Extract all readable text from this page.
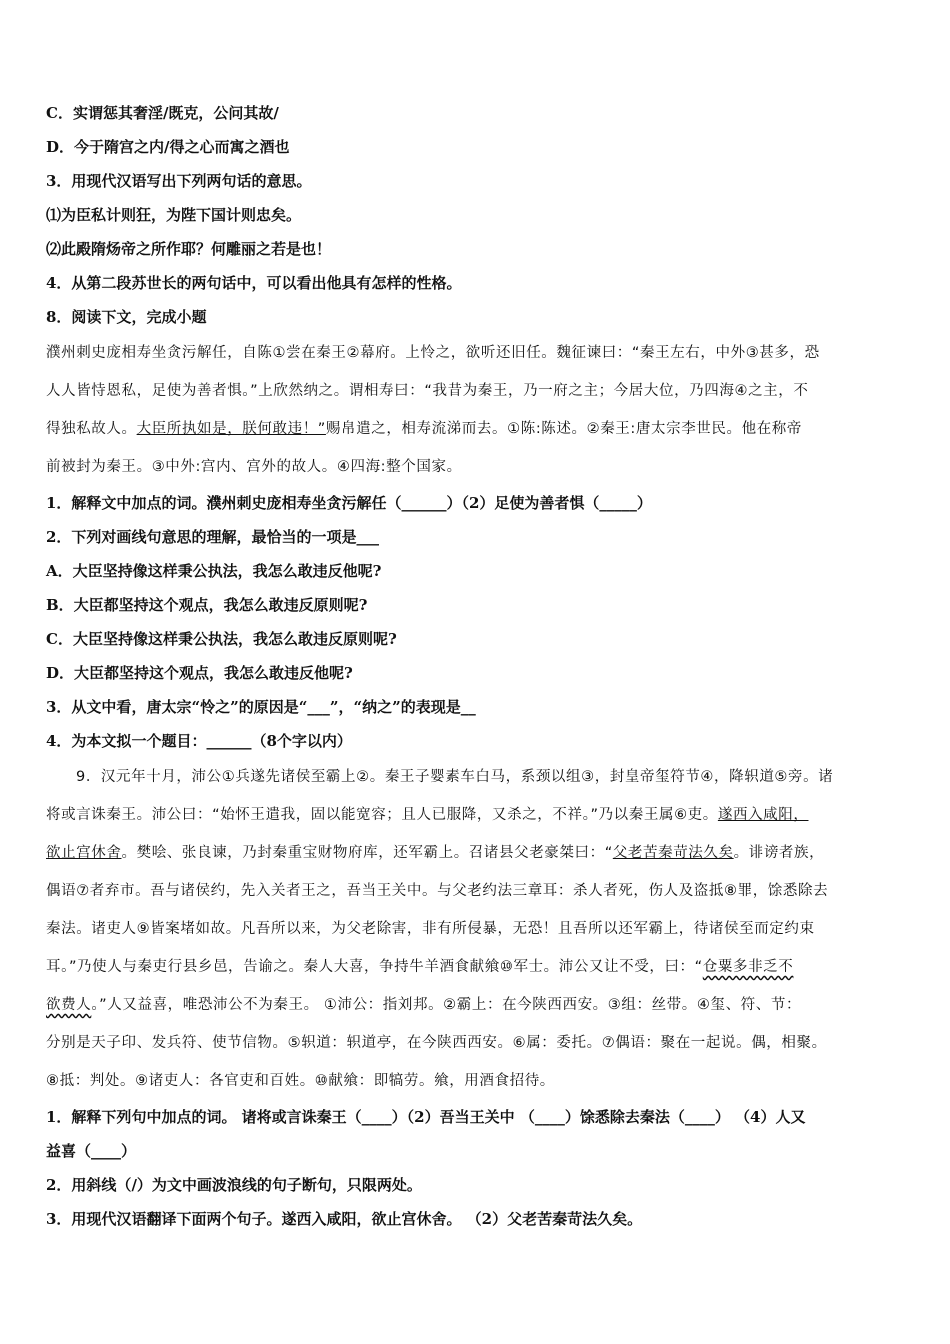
C．实谓惩其奢淫/既克，公问其故/

D．今于隋宫之内/得之心而寓之酒也

3．用现代汉语写出下列两句话的意思。

⑴为臣私计则狂，为陛下国计则忠矣。

⑵此殿隋炀帝之所作耶？何雕丽之若是也！

4．从第二段苏世长的两句话中，可以看出他具有怎样的性格。

8．阅读下文，完成小题

濮州刺史庞相寿坐贪污解任，自陈①尝在秦王②幕府。上怜之，欲听还旧任。魏征谏曰：“秦王左右，中外③甚多，恐
人人皆恃恩私，足使为善者惧。”上欣然纳之。谓相寿曰：“我昔为秦王，乃一府之主；今居大位，乃四海④之主，不
得独私故人。大臣所执如是，朕何敢违！”赐帛遣之，相寿流涕而去。①陈:陈述。②秦王:唐太宗李世民。他在称帝
前被封为秦王。③中外:宫内、宫外的故人。④四海:整个国家。

1．解释文中加点的词。濮州刺史庞相寿坐贪污解任（______）（2）足使为善者惧（_____）

2．下列对画线句意思的理解，最恰当的一项是___

A．大臣坚持像这样秉公执法，我怎么敢违反他呢?

B．大臣都坚持这个观点，我怎么敢违反原则呢?

C．大臣坚持像这样秉公执法，我怎么敢违反原则呢?

D．大臣都坚持这个观点，我怎么敢违反他呢?

3．从文中看，唐太宗“怜之”的原因是“___”，“纳之”的表现是__

4．为本文拟一个题目：______（8个字以内）

9．汉元年十月，沛公①兵遂先诸侯至霸上②。秦王子婴素车白马，系颈以组③，封皇帝玺符节④，降轵道⑤旁。诸
将或言诛秦王。沛公曰：“始怀王遣我，固以能宽容；且人已服降，又杀之，不祥。”乃以秦王属⑥吏。遂西入咸阳，
欲止宫休舍。樊哙、张良谏，乃封秦重宝财物府库，还军霸上。召诸县父老豪桀曰：“父老苦秦苛法久矣。诽谤者族，
偶语⑦者弃市。吾与诸侯约，先入关者王之，吾当王关中。与父老约法三章耳：杀人者死，伤人及盗抵⑧罪，馀悉除去
秦法。诸吏人⑨皆案堵如故。凡吾所以来，为父老除害，非有所侵暴，无恐！且吾所以还军霸上，待诸侯至而定约束
耳。”乃使人与秦吏行县乡邑，告谕之。秦人大喜，争持牛羊酒食献飨⑩军士。沛公又让不受，曰：“仓粟多非乏不
欲费人。”人又益喜，唯恐沛公不为秦王。 ①沛公：指刘邦。②霸上：在今陕西西安。③组：丝带。④玺、符、节：
分别是天子印、发兵符、使节信物。⑤轵道：轵道亭，在今陕西西安。⑥属：委托。⑦偶语：聚在一起说。偶，相聚。
⑧抵：判处。⑨诸吏人：各官吏和百姓。⑩献飨：即犒劳。飨，用酒食招待。

1．解释下列句中加点的词。 诸将或言诛秦王（____）（2）吾当王关中 （____）馀悉除去秦法（____） （4）人又

益喜（____）

2．用斜线（/）为文中画波浪线的句子断句，只限两处。

3．用现代汉语翻译下面两个句子。遂西入咸阳，欲止宫休舍。 （2）父老苦秦苛法久矣。
